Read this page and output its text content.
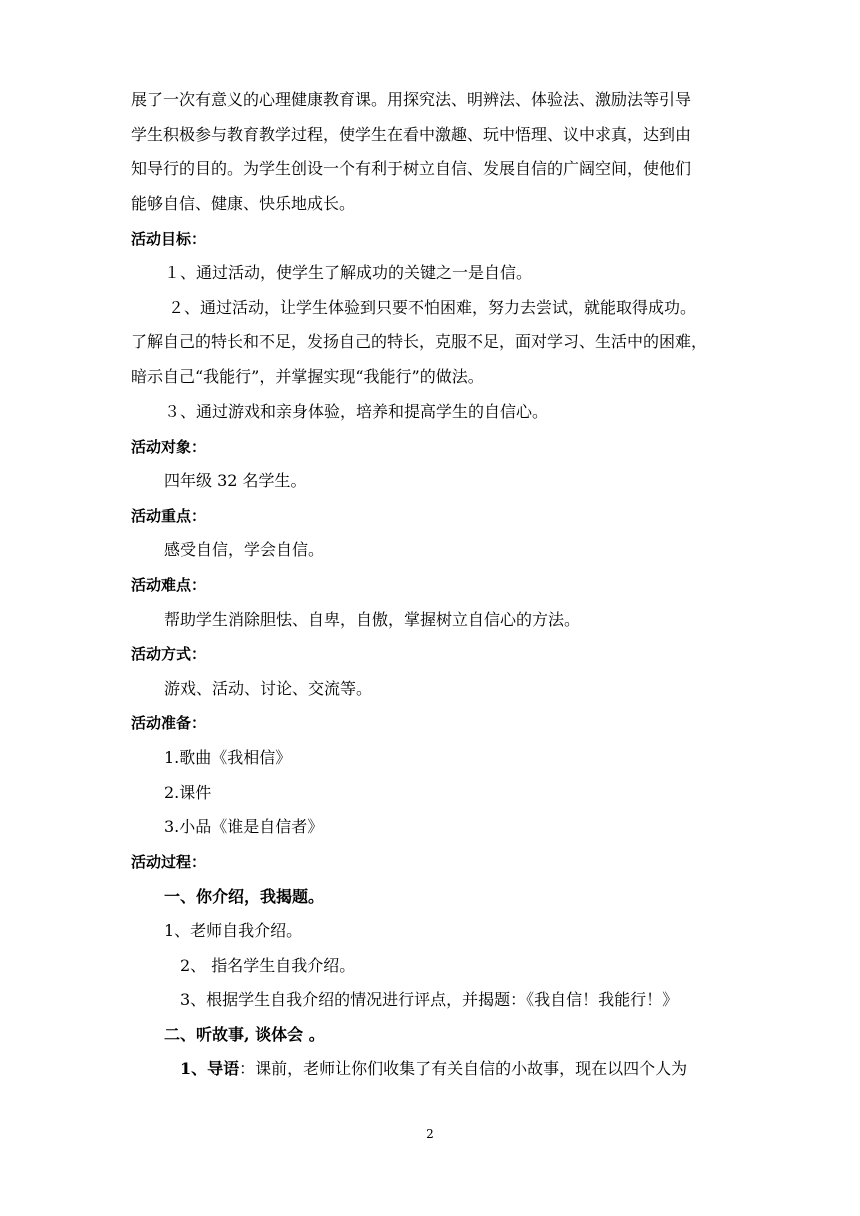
展了一次有意义的心理健康教育课。用探究法、明辨法、体验法、激励法等引导
学生积极参与教育教学过程，使学生在看中激趣、玩中悟理、议中求真，达到由
知导行的目的。为学生创设一个有利于树立自信、发展自信的广阔空间，使他们
能够自信、健康、快乐地成长。
活动目标：
１、通过活动，使学生了解成功的关键之一是自信。
２、通过活动，让学生体验到只要不怕困难，努力去尝试，就能取得成功。
了解自己的特长和不足，发扬自己的特长，克服不足，面对学习、生活中的困难，
暗示自己“我能行”，并掌握实现“我能行”的做法。
３、通过游戏和亲身体验，培养和提高学生的自信心。
活动对象：
四年级 32 名学生。
活动重点：
感受自信，学会自信。
活动难点：
帮助学生消除胆怯、自卑，自傲，掌握树立自信心的方法。
活动方式：
游戏、活动、讨论、交流等。
活动准备：
1.歌曲《我相信》
2.课件
3.小品《谁是自信者》
活动过程：
一、你介绍，我揭题。
1、老师自我介绍。
2、 指名学生自我介绍。
3、根据学生自我介绍的情况进行评点，并揭题：《我自信！我能行！》
二、听故事, 谈体会 。
1、导语：课前，老师让你们收集了有关自信的小故事，现在以四个人为
2
